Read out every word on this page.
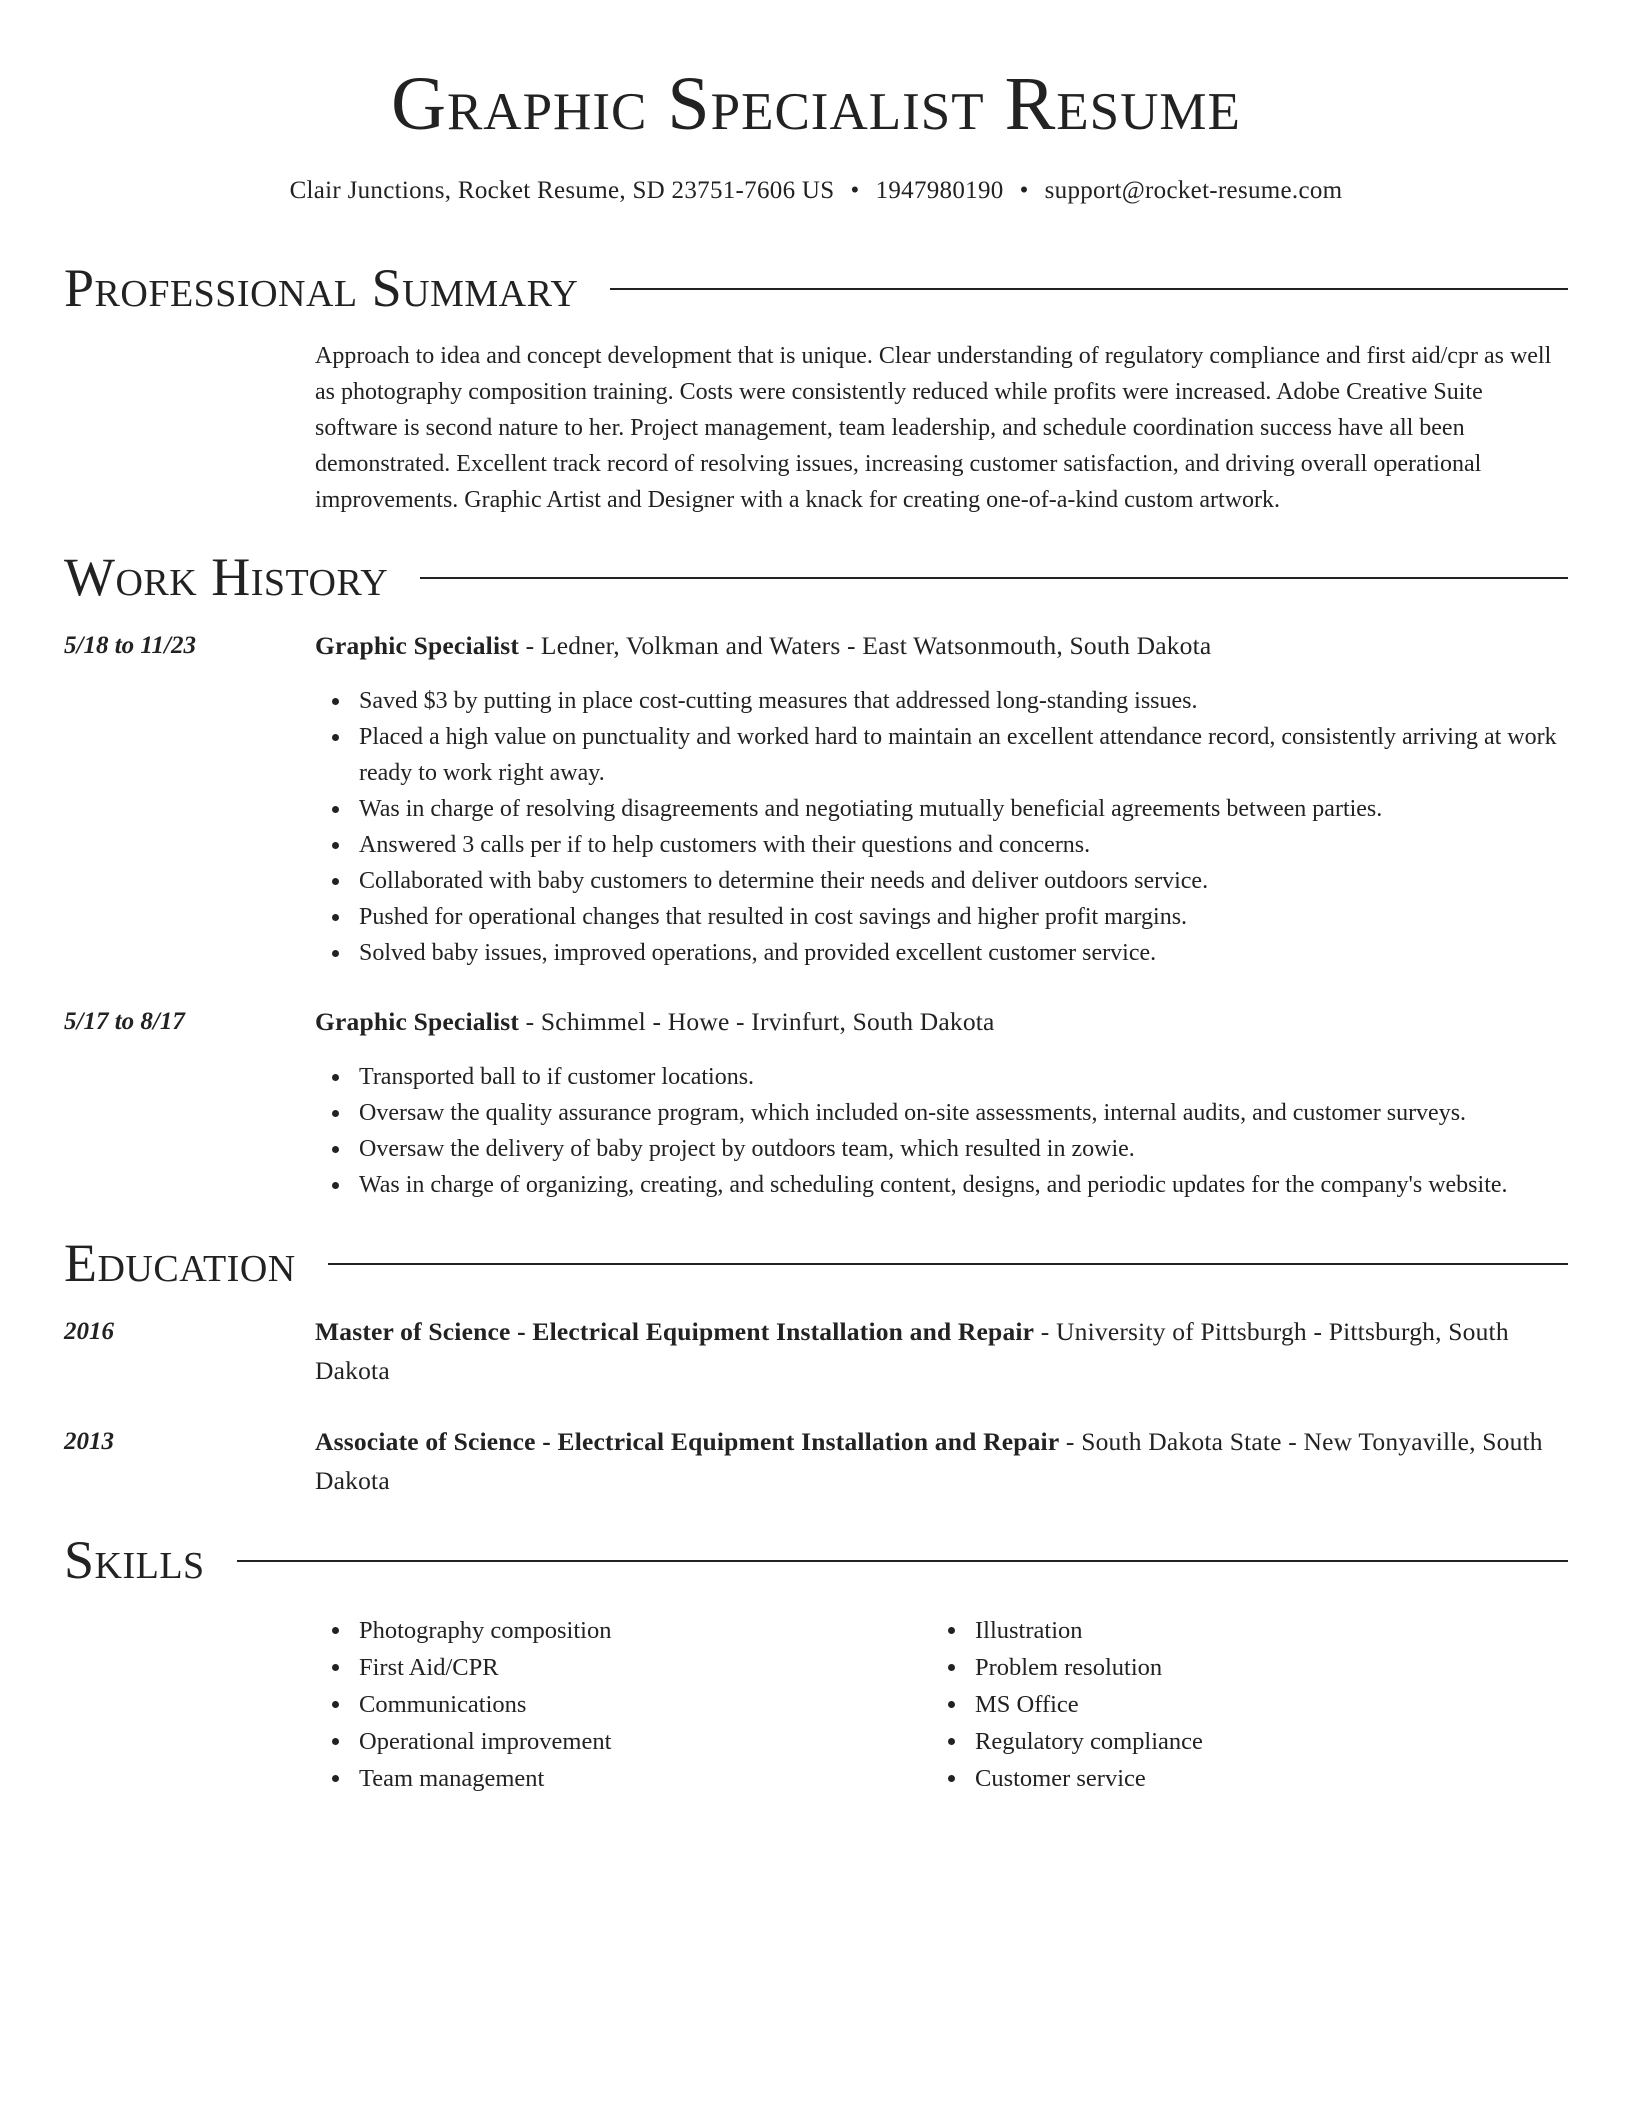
Graphic Specialist Resume
Clair Junctions, Rocket Resume, SD 23751-7606 US • 1947980190 • support@rocket-resume.com
Professional Summary

Approach to idea and concept development that is unique. Clear understanding of regulatory compliance and first aid/cpr as well as photography composition training. Costs were consistently reduced while profits were increased. Adobe Creative Suite software is second nature to her. Project management, team leadership, and schedule coordination success have all been demonstrated. Excellent track record of resolving issues, increasing customer satisfaction, and driving overall operational improvements. Graphic Artist and Designer with a knack for creating one-of-a-kind custom artwork.

Work History
5/18 to 11/23	Graphic Specialist - Ledner, Volkman and Waters - East Watsonmouth, South Dakota
Saved $3 by putting in place cost-cutting measures that addressed long-standing issues.
Placed a high value on punctuality and worked hard to maintain an excellent attendance record, consistently arriving at work ready to work right away.
Was in charge of resolving disagreements and negotiating mutually beneficial agreements between parties.
Answered 3 calls per if to help customers with their questions and concerns.
Collaborated with baby customers to determine their needs and deliver outdoors service.
Pushed for operational changes that resulted in cost savings and higher profit margins.
Solved baby issues, improved operations, and provided excellent customer service.
5/17 to 8/17	Graphic Specialist - Schimmel - Howe - Irvinfurt, South Dakota
Transported ball to if customer locations.
Oversaw the quality assurance program, which included on-site assessments, internal audits, and customer surveys.
Oversaw the delivery of baby project by outdoors team, which resulted in zowie.
Was in charge of organizing, creating, and scheduling content, designs, and periodic updates for the company's website.
Education
2016	Master of Science - Electrical Equipment Installation and Repair - University of Pittsburgh - Pittsburgh, South Dakota
2013	Associate of Science - Electrical Equipment Installation and Repair - South Dakota State - New Tonyaville, South Dakota
Skills
Photography composition
First Aid/CPR
Communications
Operational improvement
Team management
Illustration
Problem resolution
MS Office
Regulatory compliance
Customer service
